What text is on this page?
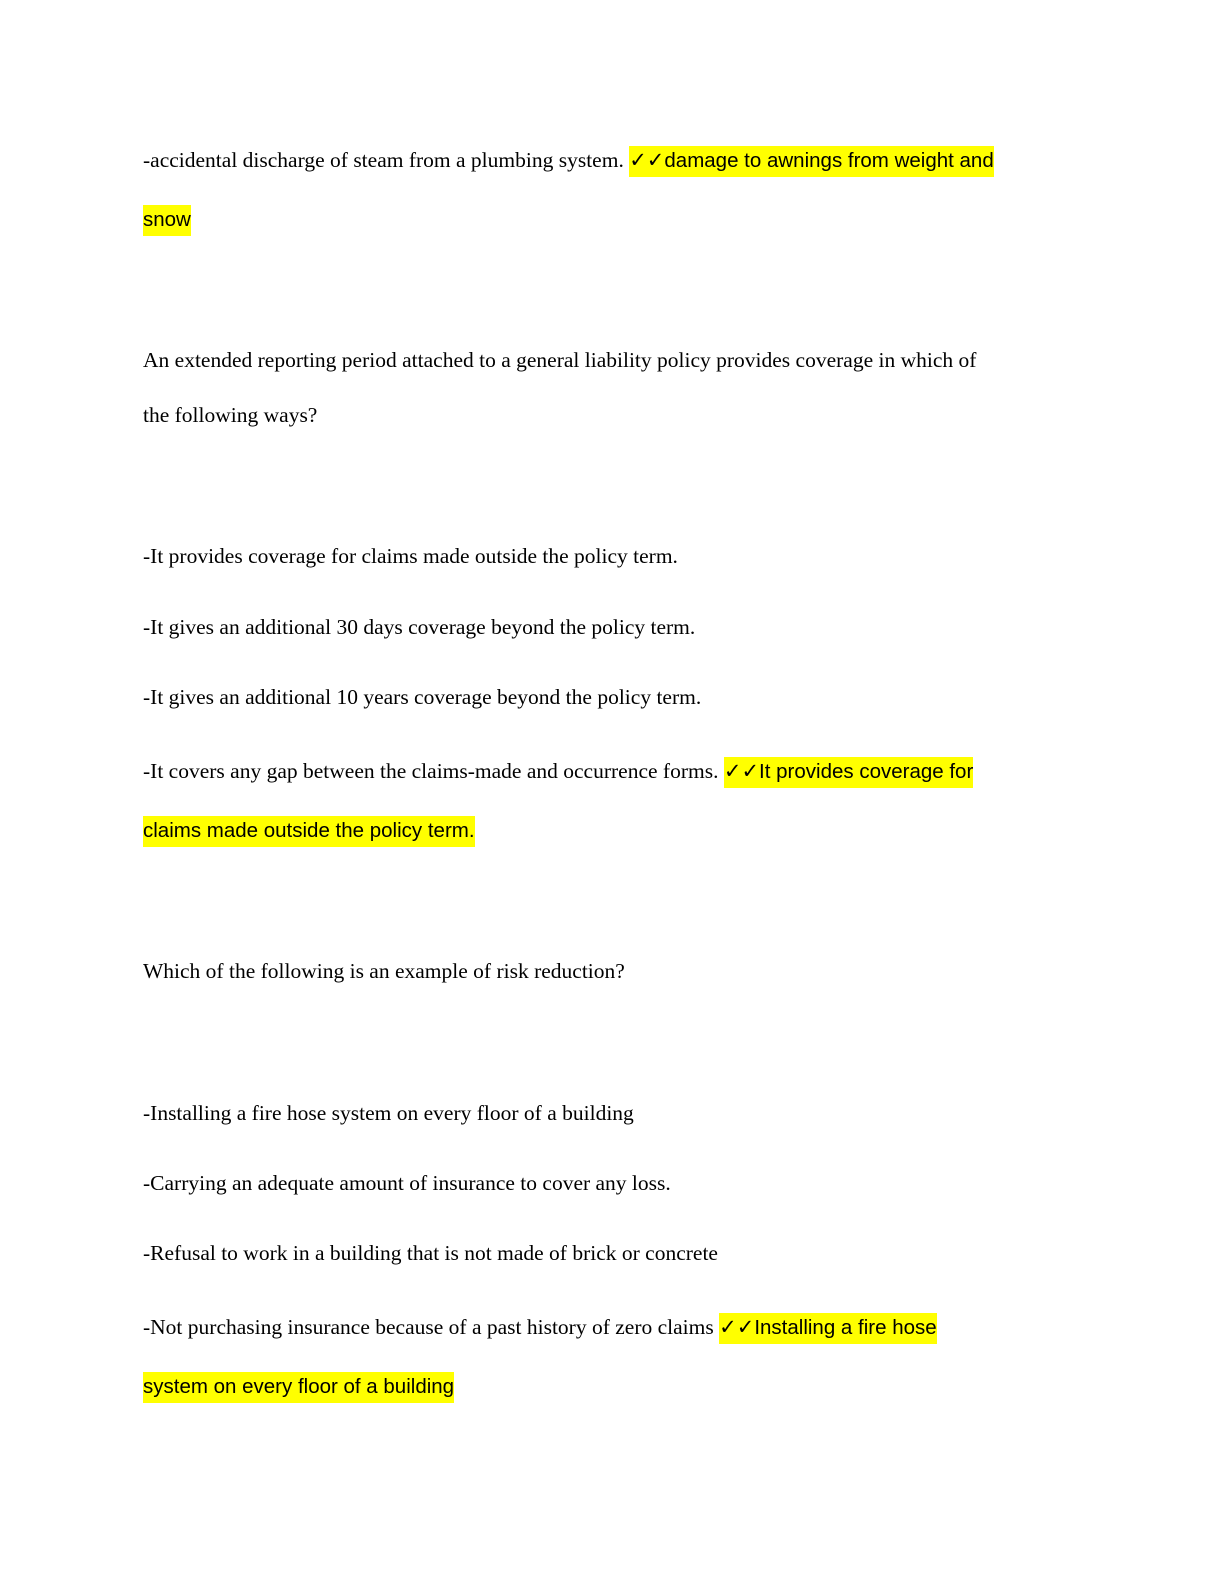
-accidental discharge of steam from a plumbing system. ✓✓damage to awnings from weight and
snow
An extended reporting period attached to a general liability policy provides coverage in which of
the following ways?
-It provides coverage for claims made outside the policy term.
-It gives an additional 30 days coverage beyond the policy term.
-It gives an additional 10 years coverage beyond the policy term.
-It covers any gap between the claims-made and occurrence forms. ✓✓It provides coverage for
claims made outside the policy term.
Which of the following is an example of risk reduction?
-Installing a fire hose system on every floor of a building
-Carrying an adequate amount of insurance to cover any loss.
-Refusal to work in a building that is not made of brick or concrete
-Not purchasing insurance because of a past history of zero claims ✓✓Installing a fire hose
system on every floor of a building
